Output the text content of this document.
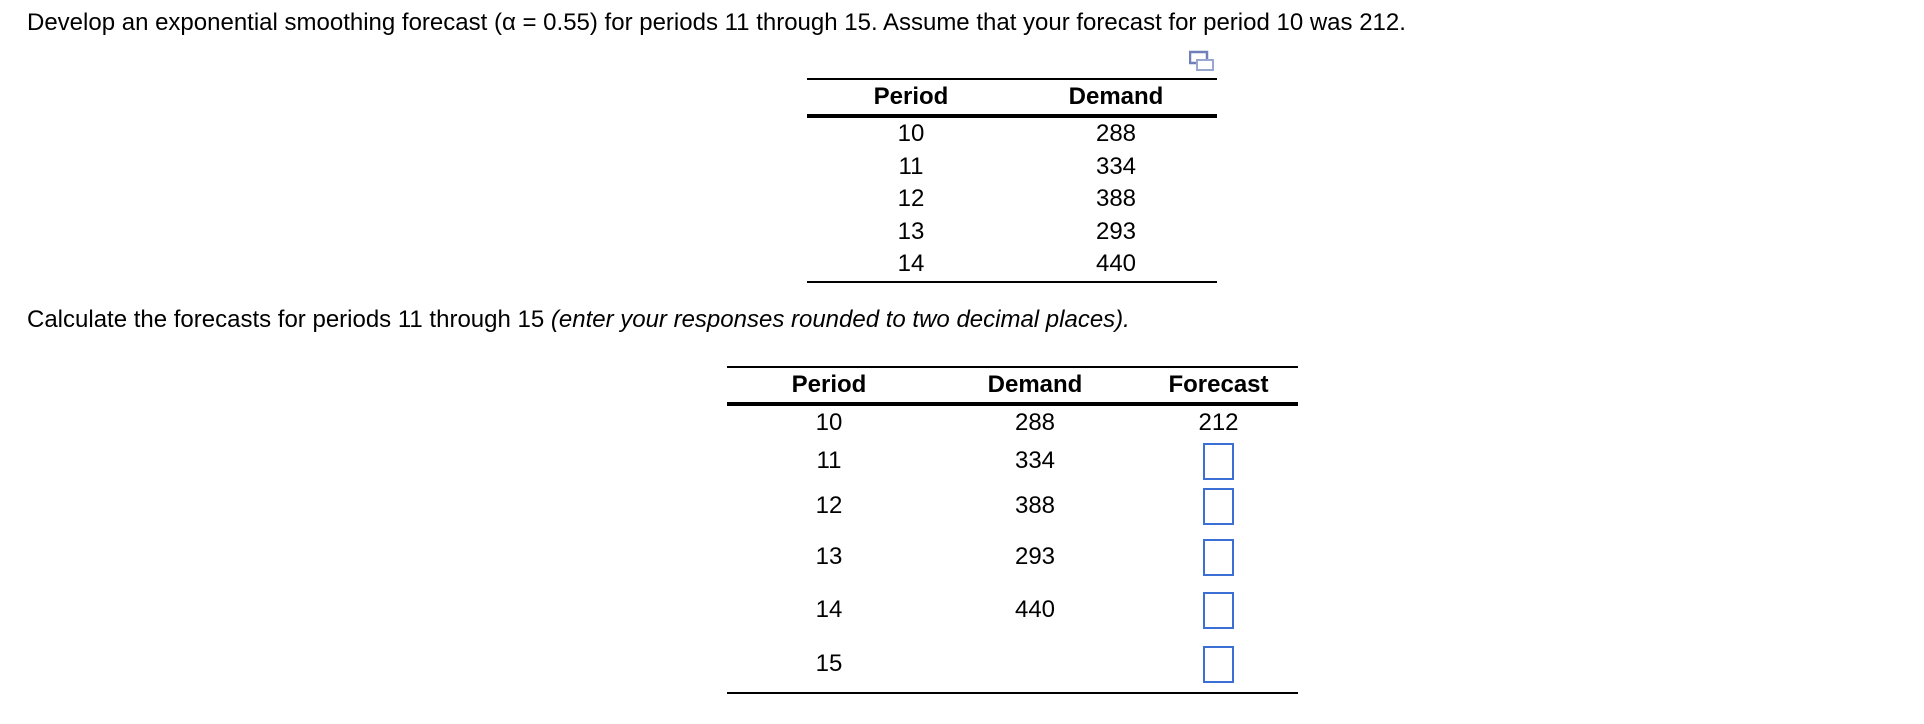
Develop an exponential smoothing forecast (α = 0.55) for periods 11 through 15. Assume that your forecast for period 10 was 212.
Period	Demand
10	288
11	334
12	388
13	293
14	440
Calculate the forecasts for periods 11 through 15 (enter your responses rounded to two decimal places).
Period	Demand	Forecast
10	288	212
11	334	
12	388	
13	293	
14	440	
15		
